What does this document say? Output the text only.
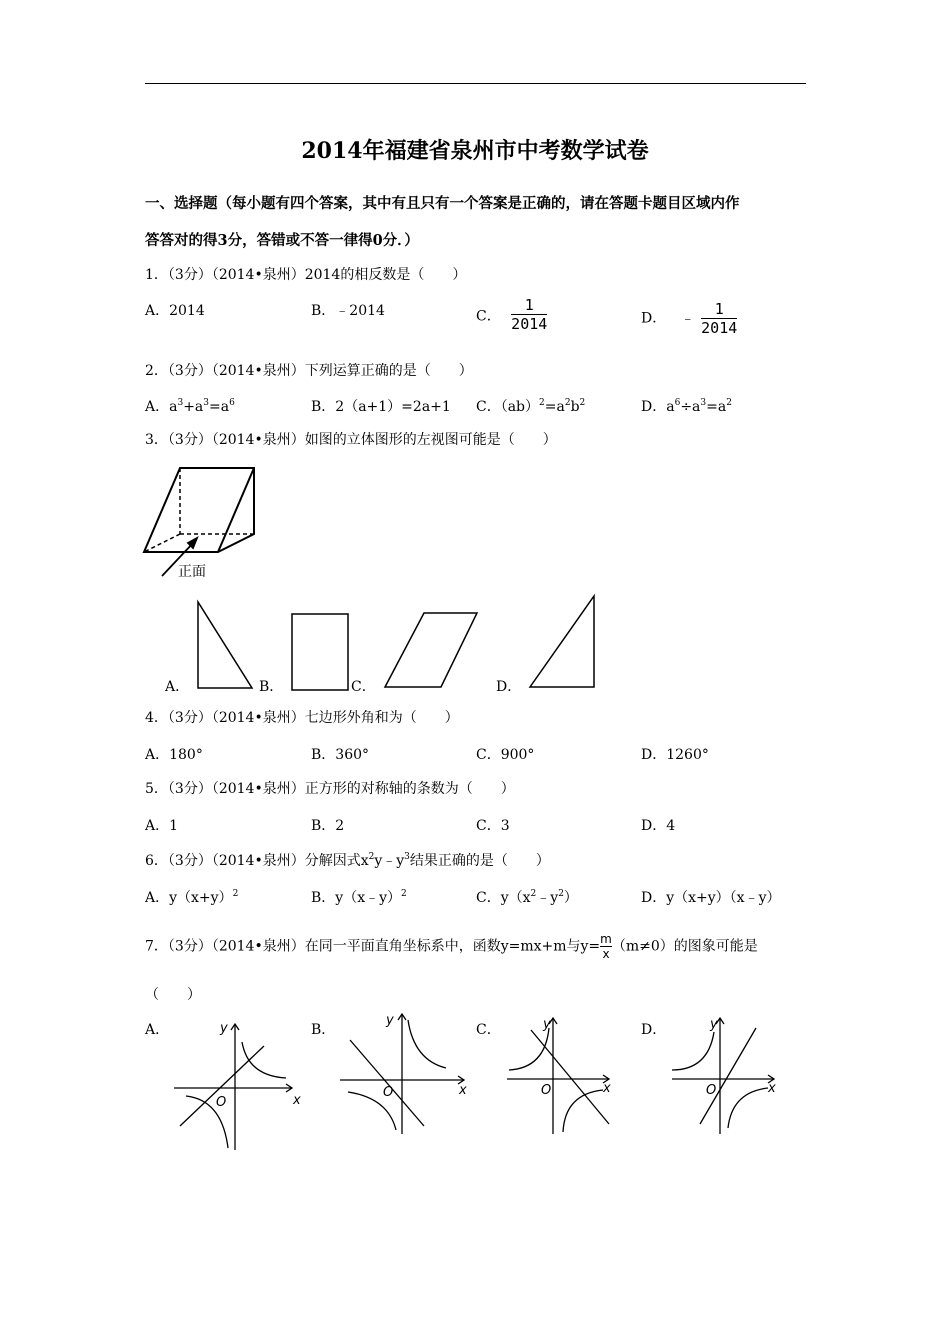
2014年福建省泉州市中考数学试卷
一、选择题（每小题有四个答案，其中有且只有一个答案是正确的，请在答题卡题目区域内作
答答对的得3分，答错或不答一律得0分．）
1．（3分）（2014•泉州）2014的相反数是（　　）
A．2014	B．﹣2014	C． $\frac{1}{2014}$	D． ﹣ $\frac{1}{2014}$
2．（3分）（2014•泉州）下列运算正确的是（　　）
A．$a^3+a^3=a^6$	B．2（a+1）=2a+1 C．$(ab)^2=a^2b^2$	D．$a^6\div a^3=a^2$
3．（3分）（2014•泉州）如图的立体图形的左视图可能是（　　）
正面
A．	B．	C．	D．
4．（3分）（2014•泉州）七边形外角和为（　　）
A．180°	B．360°	C．900°	D．1260°
5．（3分）（2014•泉州）正方形的对称轴的条数为（　　）
A．1	B．2	C．3	D．4
6．（3分）（2014•泉州）分解因式$x^2y﹣y^3$结果正确的是（　　）
A．$y(x+y)^2$	B．y（x﹣y）$^2$	C．$y(x^2﹣y^2)$	D．y（x+y）（x﹣y）
7．（3分）（2014•泉州）在同一平面直角坐标系中，函数y=mx+m与$y= \frac{m}{x} (m\ne 0)$的图象可能是
（　　）
A．	B．	C．	D．
y
x
O
y
x
O
y
x
O
y
x
O
